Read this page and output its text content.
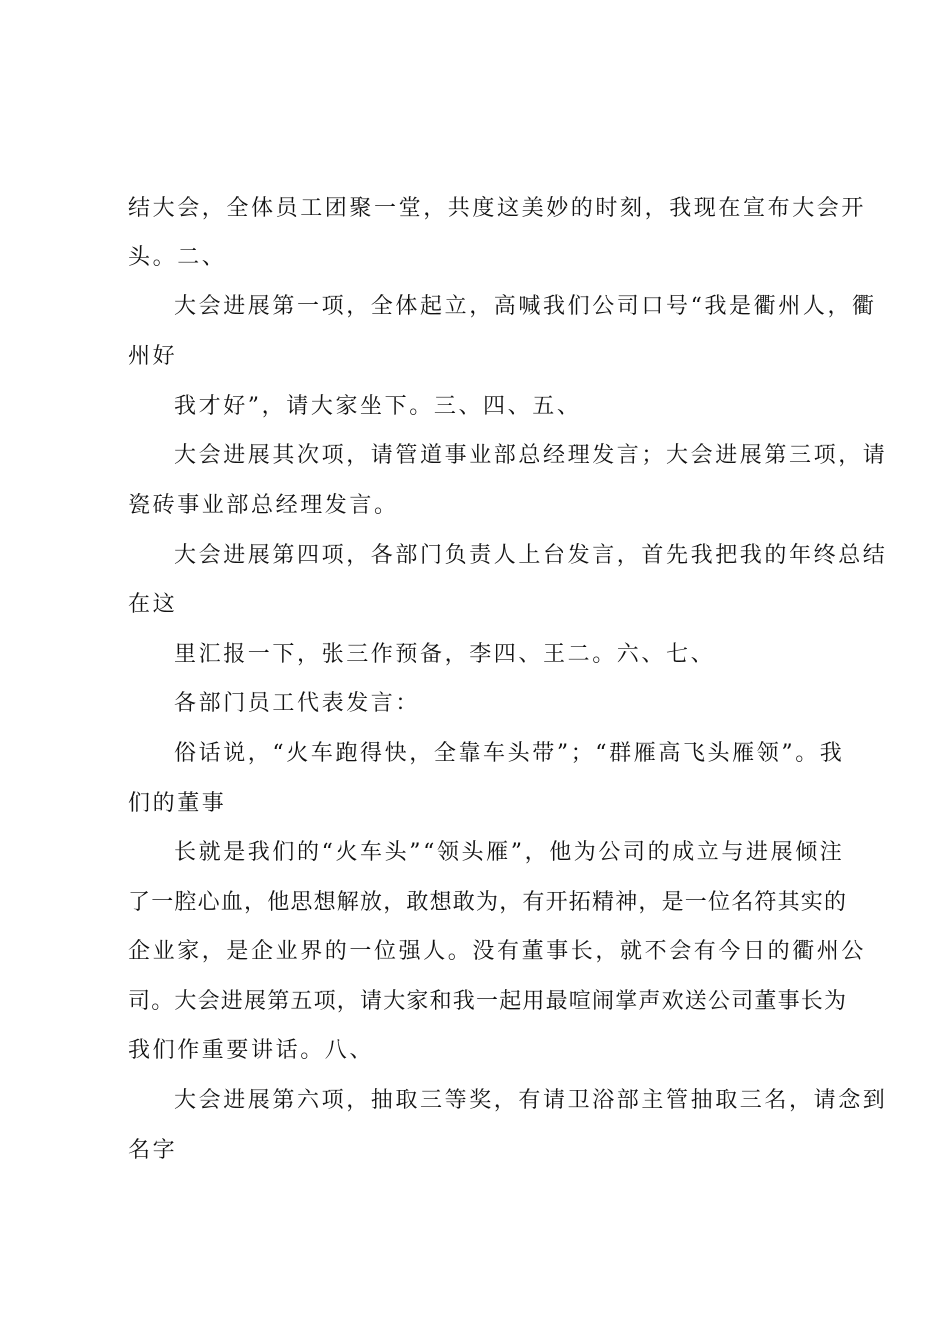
结大会，全体员工团聚一堂，共度这美妙的时刻，我现在宣布大会开
头。二、
大会进展第一项，全体起立，高喊我们公司口号“我是衢州人，衢
州好
我才好”，请大家坐下。三、四、五、
大会进展其次项，请管道事业部总经理发言；大会进展第三项，请
瓷砖事业部总经理发言。
大会进展第四项，各部门负责人上台发言，首先我把我的年终总结
在这
里汇报一下，张三作预备，李四、王二。六、七、
各部门员工代表发言：
俗话说，“火车跑得快，全靠车头带”；“群雁高飞头雁领”。我
们的董事
长就是我们的“火车头”“领头雁”，他为公司的成立与进展倾注
了一腔心血，他思想解放，敢想敢为，有开拓精神，是一位名符其实的
企业家，是企业界的一位强人。没有董事长，就不会有今日的衢州公
司。大会进展第五项，请大家和我一起用最喧闹掌声欢送公司董事长为
我们作重要讲话。八、
大会进展第六项，抽取三等奖，有请卫浴部主管抽取三名，请念到
名字
